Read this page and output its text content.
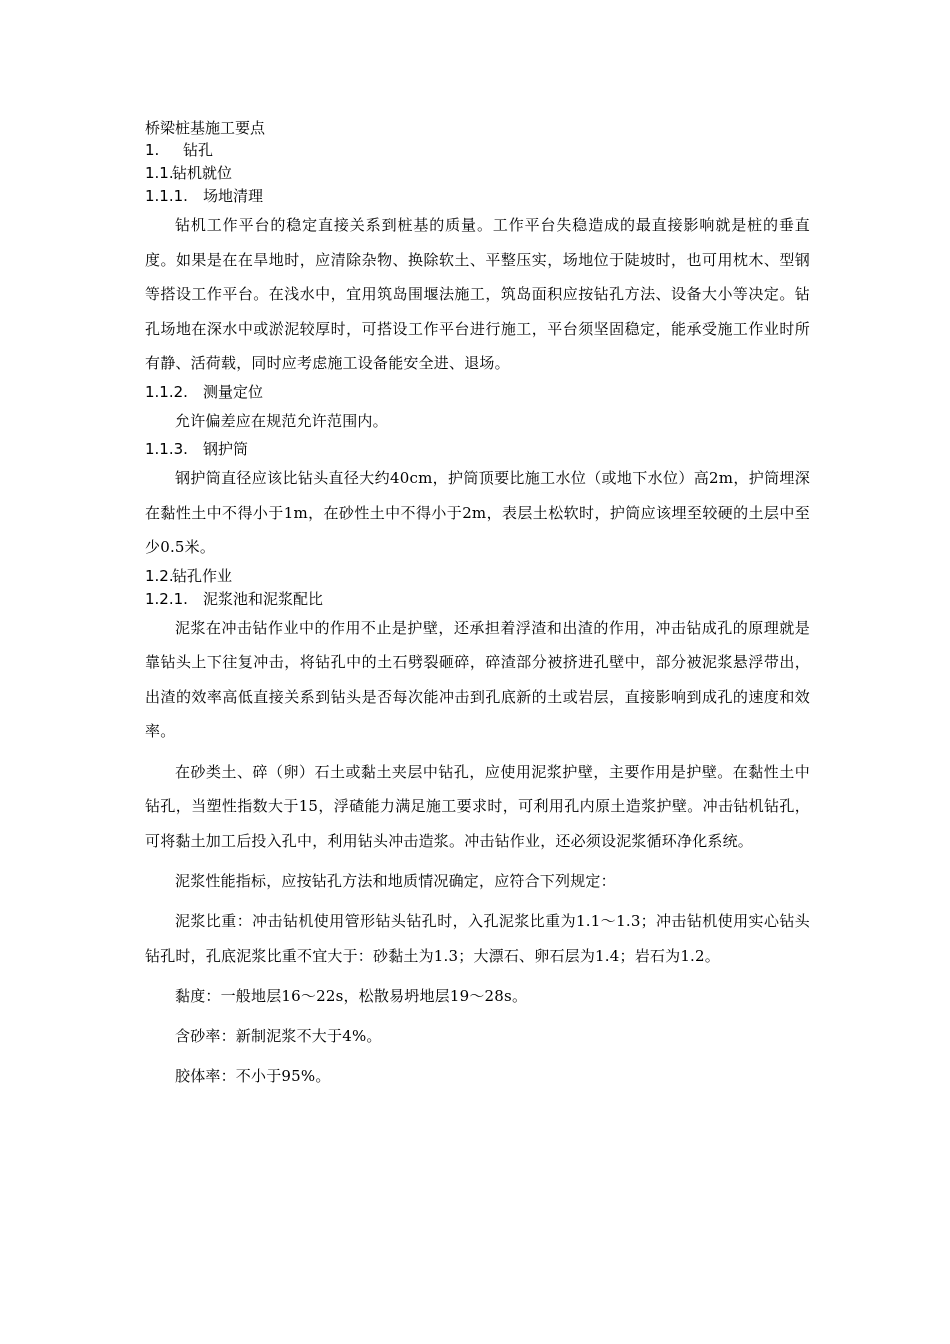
桥梁桩基施工要点

1.	钻孔
1.1.
钻机就位
1.1.1.	场地清理

钻机工作平台的稳定直接关系到桩基的质量。工作平台失稳造成的最直接影响就是桩的垂直度。如果是在在旱地时，应清除杂物、换除软土、平整压实，场地位于陡坡时，也可用枕木、型钢等搭设工作平台。在浅水中，宜用筑岛围堰法施工，筑岛面积应按钻孔方法、设备大小等决定。钻孔场地在深水中或淤泥较厚时，可搭设工作平台进行施工，平台须坚固稳定，能承受施工作业时所有静、活荷载，同时应考虑施工设备能安全进、退场。

1.1.2.	测量定位

允许偏差应在规范允许范围内。

1.1.3.	钢护筒

钢护筒直径应该比钻头直径大约40cm，护筒顶要比施工水位（或地下水位）高2m，护筒埋深在黏性土中不得小于1m，在砂性土中不得小于2m，表层土松软时，护筒应该埋至较硬的土层中至少0.5米。

1.2.
钻孔作业
1.2.1.	泥浆池和泥浆配比

泥浆在冲击钻作业中的作用不止是护壁，还承担着浮渣和出渣的作用，冲击钻成孔的原理就是靠钻头上下往复冲击，将钻孔中的土石劈裂砸碎，碎渣部分被挤进孔壁中，部分被泥浆悬浮带出，出渣的效率高低直接关系到钻头是否每次能冲击到孔底新的土或岩层，直接影响到成孔的速度和效率。

在砂类土、碎（卵）石土或黏土夹层中钻孔，应使用泥浆护壁，主要作用是护壁。在黏性土中钻孔，当塑性指数大于15，浮碴能力满足施工要求时，可利用孔内原土造浆护壁。冲击钻机钻孔，可将黏土加工后投入孔中，利用钻头冲击造浆。冲击钻作业，还必须设泥浆循环净化系统。

泥浆性能指标，应按钻孔方法和地质情况确定，应符合下列规定：

泥浆比重：冲击钻机使用管形钻头钻孔时，入孔泥浆比重为1.1～1.3；冲击钻机使用实心钻头钻孔时，孔底泥浆比重不宜大于：砂黏土为1.3；大漂石、卵石层为1.4；岩石为1.2。

黏度：一般地层16～22s，松散易坍地层19～28s。

含砂率：新制泥浆不大于4%。

胶体率：不小于95%。
